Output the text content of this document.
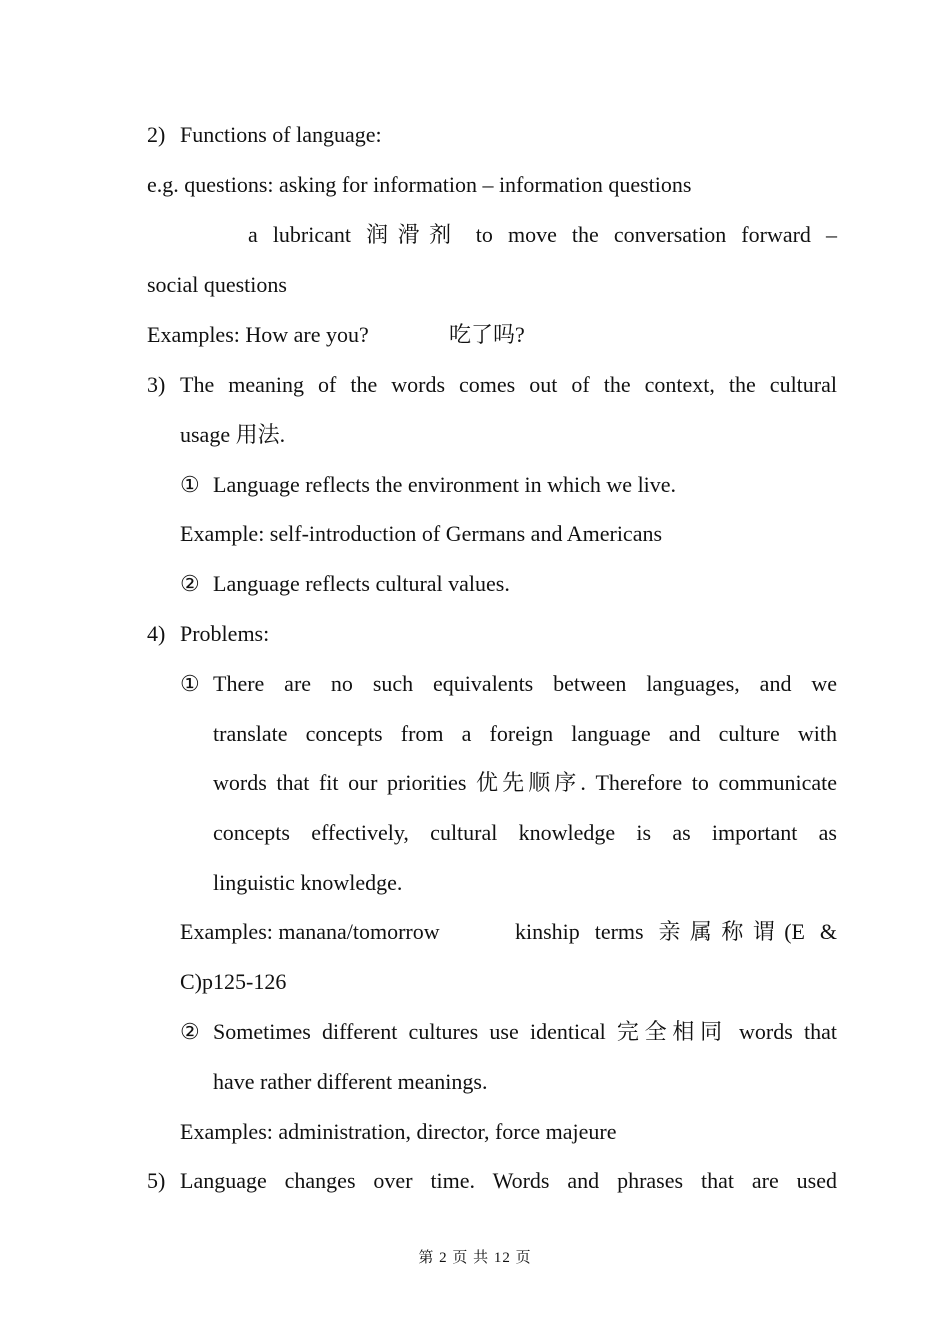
2) Functions of language:
e.g. questions: asking for information – information questions
a lubricant 润滑剂 to move the conversation forward –
social questions
Examples: How are you?	吃了吗?
3) The meaning of the words comes out of the context, the cultural
usage 用法.
① Language reflects the environment in which we live.
Example: self-introduction of Germans and Americans
② Language reflects cultural values.
4) Problems:
① There are no such equivalents between languages, and we
translate concepts from a foreign language and culture with
words that fit our priorities 优先顺序. Therefore to communicate
concepts effectively, cultural knowledge is as important as
linguistic knowledge.
Examples: manana/tomorrow	kinship terms 亲属称谓(E &
C)p125-126
② Sometimes different cultures use identical 完全相同 words that
have rather different meanings.
Examples: administration, director, force majeure
5) Language changes over time. Words and phrases that are used
第 2 页 共 12 页
